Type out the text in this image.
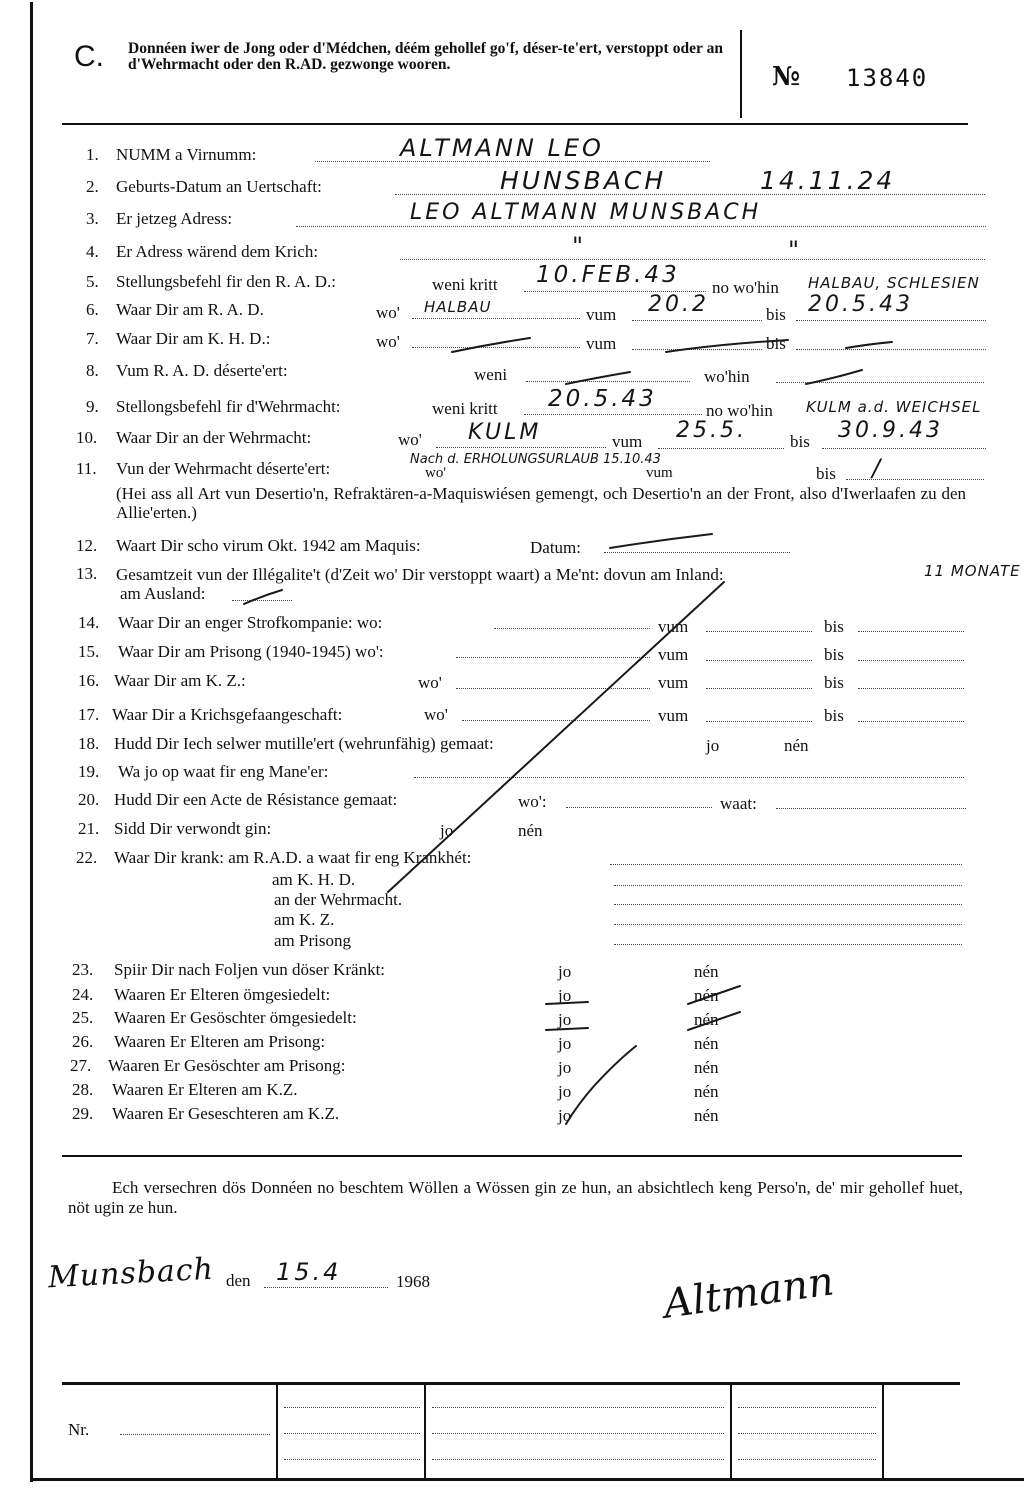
C. Donnéen iwer de Jong oder d'Médchen, déém gehollef go'f, déser-te'ert, verstoppt oder an d'Wehrmacht oder den R.AD. gezwonge wooren.	№ 13840
1. NUMM a Virnumm:	ALTMANN LEO
2. Geburts-Datum an Uertschaft:	HUNSBACH	14.11.24
3. Er jetzeg Adress:	LEO ALTMANN MUNSBACH
4. Er Adress wärend dem Krich:	"	"
5. Stellungsbefehl fir den R. A. D.:	weni kritt 10.FEB.43 no wo'hin HALBAU, SCHLESIEN
6. Waar Dir am R. A. D.	wo' HALBAU	vum 20.2	bis 20.5.43
7. Waar Dir am K. H. D.:	wo'	vum	bis
8. Vum R. A. D. déserte'ert:	weni	wo'hin
9. Stellongsbefehl fir d'Wehrmacht:	weni kritt 20.5.43	no wo'hin KULM a.d. WEICHSEL
10. Waar Dir an der Wehrmacht:	wo' KULM	vum 25.5.	bis 30.9.43
11. Vun der Wehrmacht déserte'ert:	wo'	vum	bis
Nach d. ERHOLUNGSURLAUB 15.10.43	/
(Hei ass all Art vun Desertio'n, Refraktären-a-Maquiswiésen gemengt, och Desertio'n an der Front, also d'Iwerlaafen zu den Allie'erten.)
12. Waart Dir scho virum Okt. 1942 am Maquis:	Datum:
13. Gesamtzeit vun der Illégalite't (d'Zeit wo' Dir verstoppt waart) a Me'nt: dovun am Inland:	11 MONATE
am Ausland:
14. Waar Dir an enger Strofkompanie: wo:	vum	bis
15. Waar Dir am Prisong (1940-1945) wo':	vum	bis
16. Waar Dir am K. Z.:	wo'	vum	bis
17. Waar Dir a Krichsgefaangeschaft:	wo'	vum	bis
18. Hudd Dir Iech selwer mutille'ert (wehrunfähig) gemaat:	jo	nén
19. Wa jo op waat fir eng Mane'er:
20. Hudd Dir een Acte de Résistance gemaat:	wo':	waat:
21. Sidd Dir verwondt gin:	jo	nén
22. Waar Dir krank: am R.A.D. a waat fir eng Krankhét:
am K. H. D.
an der Wehrmacht.
am K. Z.
am Prisong
23. Spiir Dir nach Foljen vun döser Kränkt:	jo	nén
24. Waaren Er Elteren ömgesiedelt:	jo	nén
25. Waaren Er Gesöschter ömgesiedelt:	jo	nén
26. Waaren Er Elteren am Prisong:	jo	nén
27. Waaren Er Gesöschter am Prisong:	jo	nén
28. Waaren Er Elteren am K.Z.	jo	nén
29. Waaren Er Geseschteren am K.Z.	jo	nén
Ech versechren dös Donnéen no beschtem Wöllen a Wössen gin ze hun, an absichtlech keng Perso'n, de' mir gehollef huet, nöt ugin ze hun.
Munsbach den 15.4	1968	Altmann
Nr.
